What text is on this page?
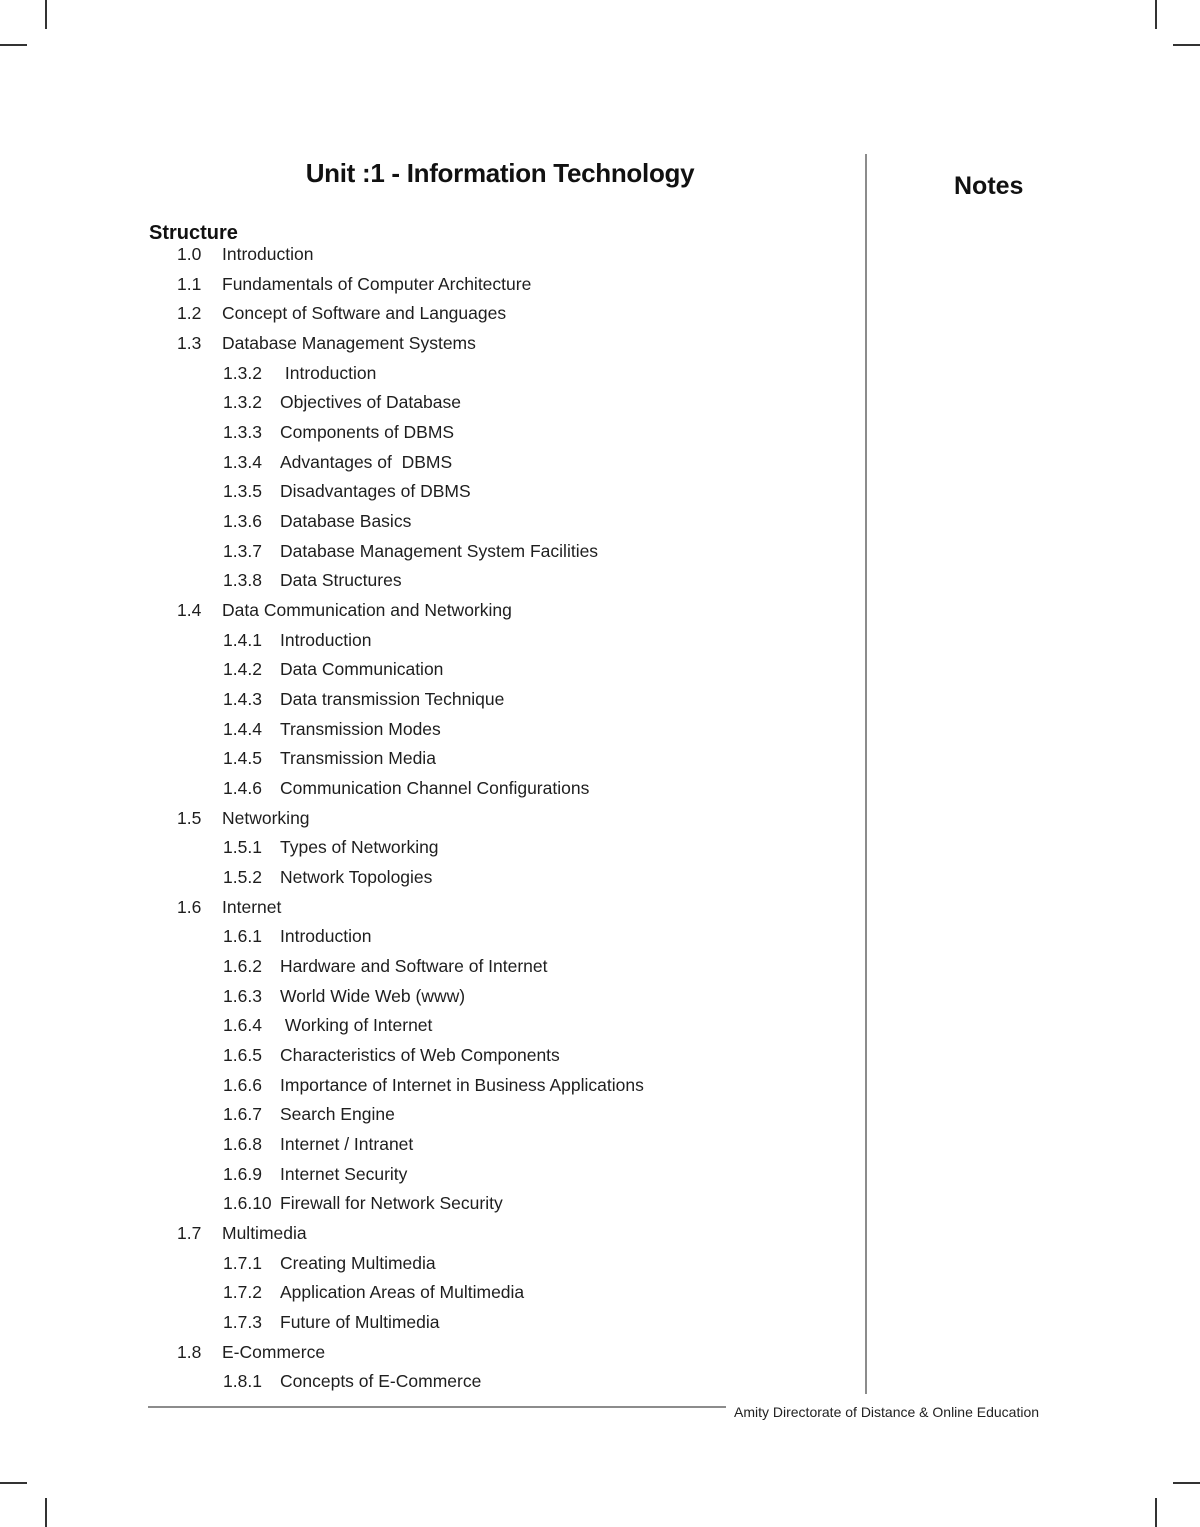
Unit :1 - Information Technology	Notes
Structure
1.0 Introduction
1.1 Fundamentals of Computer Architecture
1.2 Concept of Software and Languages
1.3 Database Management Systems
1.3.2 Introduction
1.3.2 Objectives of Database
1.3.3 Components of DBMS
1.3.4 Advantages of  DBMS
1.3.5 Disadvantages of DBMS
1.3.6 Database Basics
1.3.7 Database Management System Facilities
1.3.8 Data Structures
1.4 Data Communication and Networking
1.4.1 Introduction
1.4.2 Data Communication
1.4.3 Data transmission Technique
1.4.4 Transmission Modes
1.4.5 Transmission Media
1.4.6 Communication Channel Configurations
1.5 Networking
1.5.1 Types of Networking
1.5.2 Network Topologies
1.6 Internet
1.6.1 Introduction
1.6.2 Hardware and Software of Internet
1.6.3 World Wide Web (www)
1.6.4 Working of Internet
1.6.5 Characteristics of Web Components
1.6.6 Importance of Internet in Business Applications
1.6.7 Search Engine
1.6.8 Internet / Intranet
1.6.9 Internet Security
1.6.10 Firewall for Network Security
1.7 Multimedia
1.7.1 Creating Multimedia
1.7.2 Application Areas of Multimedia
1.7.3 Future of Multimedia
1.8 E-Commerce
1.8.1 Concepts of E-Commerce
Amity Directorate of Distance & Online Education
